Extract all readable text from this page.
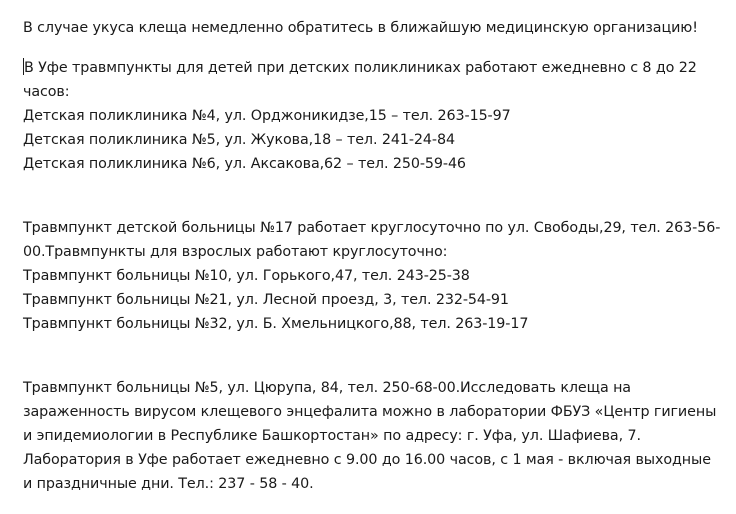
В случае укуса клеща немедленно обратитесь в ближайшую медицинскую организацию!

В Уфе травмпункты для детей при детских поликлиниках работают ежедневно с 8 до 22 часов:

Детская поликлиника №4, ул. Орджоникидзе,15 – тел. 263-15-97

Детская поликлиника №5, ул. Жукова,18 – тел. 241-24-84

Детская поликлиника №6, ул. Аксакова,62 – тел. 250-59-46

Травмпункт детской больницы №17 работает круглосуточно по ул. Свободы,29, тел. 263-56-00.Травмпункты для взрослых работают круглосуточно:

Травмпункт больницы №10, ул. Горького,47, тел. 243-25-38

Травмпункт больницы №21, ул. Лесной проезд, 3, тел. 232-54-91

Травмпункт больницы №32, ул. Б. Хмельницкого,88, тел. 263-19-17

Травмпункт больницы №5, ул. Цюрупа, 84, тел. 250-68-00.Исследовать клеща на зараженность вирусом клещевого энцефалита можно в лаборатории ФБУЗ «Центр гигиены и эпидемиологии в Республике Башкортостан» по адресу: г. Уфа, ул. Шафиева, 7. Лаборатория в Уфе работает ежедневно с 9.00 до 16.00 часов, с 1 мая - включая выходные и праздничные дни. Тел.: 237 - 58 - 40.
